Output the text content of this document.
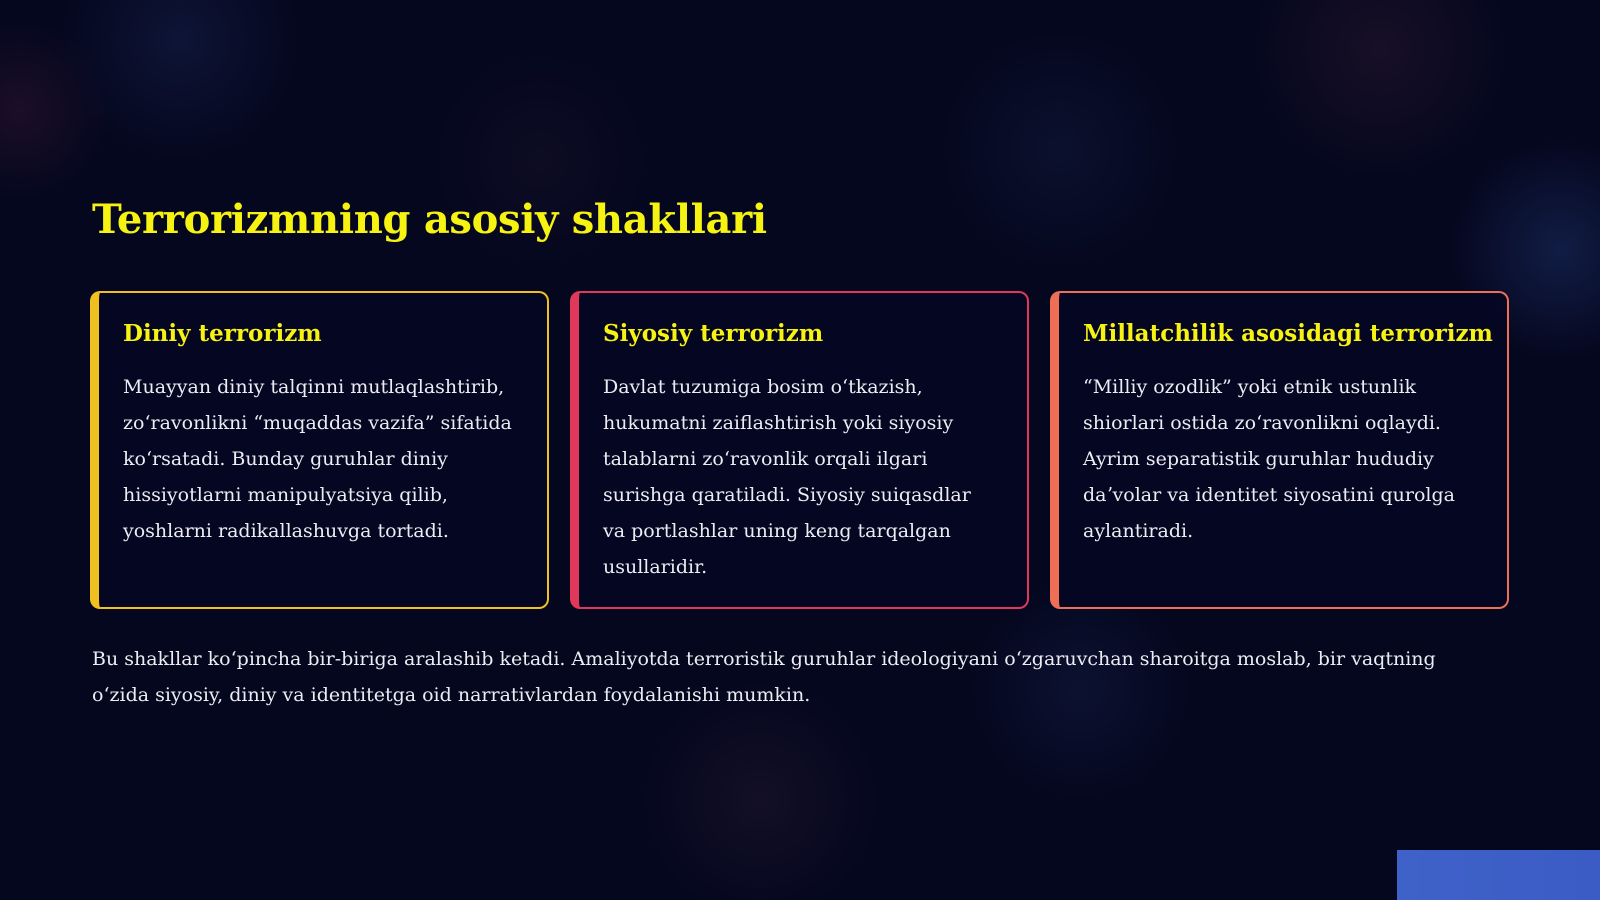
Terrorizmning asosiy shakllari
Diniy terrorizm

Muayyan diniy talqinni mutlaqlashtirib, zoʻravonlikni “muqaddas vazifa” sifatida koʻrsatadi. Bunday guruhlar diniy hissiyotlarni manipulyatsiya qilib, yoshlarni radikallashuvga tortadi.

Siyosiy terrorizm

Davlat tuzumiga bosim oʻtkazish, hukumatni zaiflashtirish yoki siyosiy talablarni zoʻravonlik orqali ilgari surishga qaratiladi. Siyosiy suiqasdlar va portlashlar uning keng tarqalgan usullaridir.

Millatchilik asosidagi terrorizm

“Milliy ozodlik” yoki etnik ustunlik shiorlari ostida zoʻravonlikni oqlaydi. Ayrim separatistik guruhlar hududiy daʼvolar va identitet siyosatini qurolga aylantiradi.

Bu shakllar koʻpincha bir-biriga aralashib ketadi. Amaliyotda terroristik guruhlar ideologiyani oʻzgaruvchan sharoitga moslab, bir vaqtning oʻzida siyosiy, diniy va identitetga oid narrativlardan foydalanishi mumkin.
